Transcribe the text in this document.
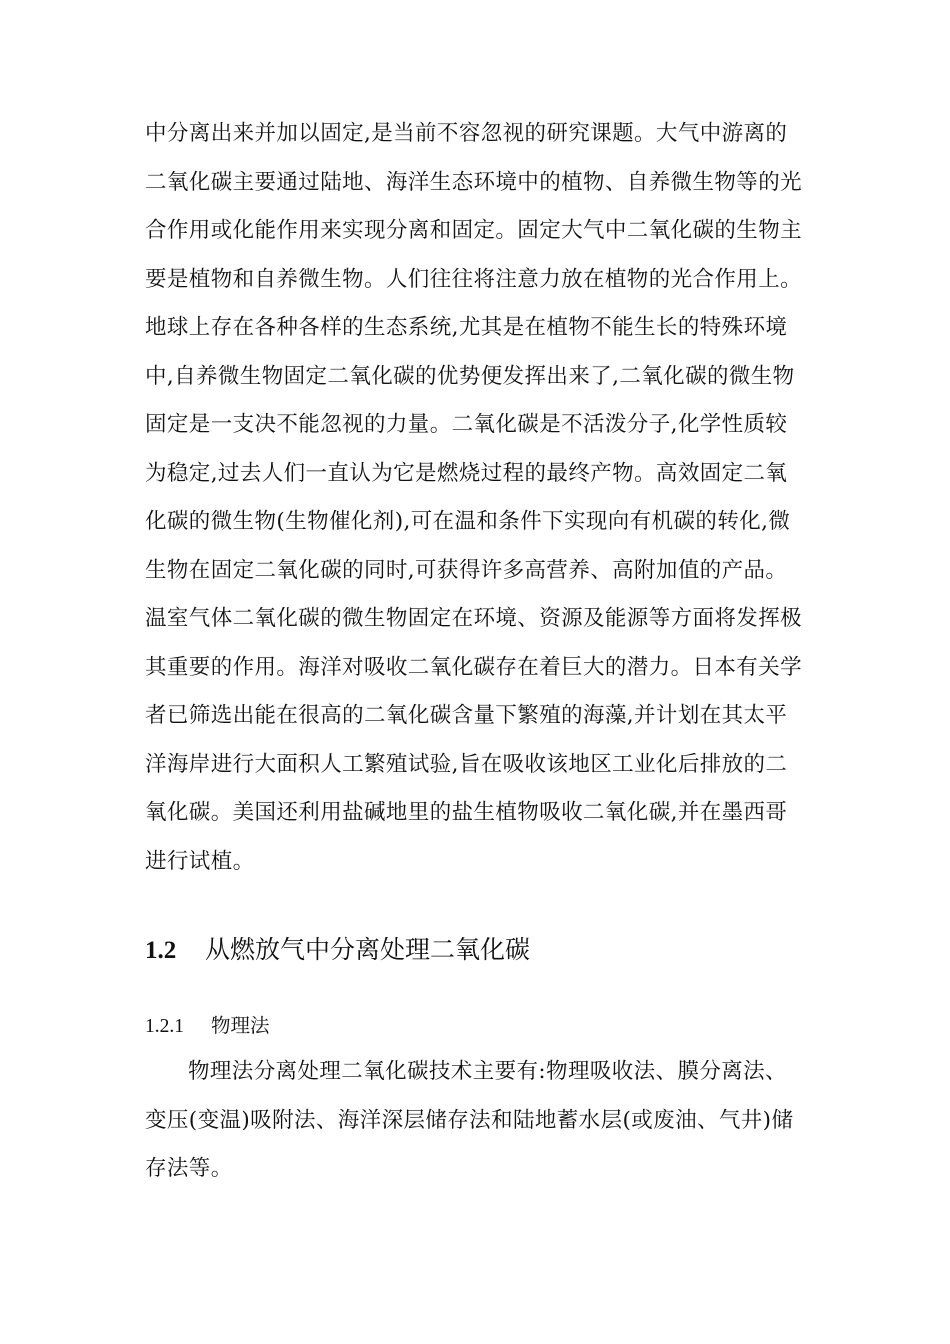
中分离出来并加以固定,是当前不容忽视的研究课题。大气中游离的
二氧化碳主要通过陆地、海洋生态环境中的植物、自养微生物等的光
合作用或化能作用来实现分离和固定。固定大气中二氧化碳的生物主
要是植物和自养微生物。人们往往将注意力放在植物的光合作用上。
地球上存在各种各样的生态系统,尤其是在植物不能生长的特殊环境
中,自养微生物固定二氧化碳的优势便发挥出来了,二氧化碳的微生物
固定是一支决不能忽视的力量。二氧化碳是不活泼分子,化学性质较
为稳定,过去人们一直认为它是燃烧过程的最终产物。高效固定二氧
化碳的微生物(生物催化剂),可在温和条件下实现向有机碳的转化,微
生物在固定二氧化碳的同时,可获得许多高营养、高附加值的产品。
温室气体二氧化碳的微生物固定在环境、资源及能源等方面将发挥极
其重要的作用。海洋对吸收二氧化碳存在着巨大的潜力。日本有关学
者已筛选出能在很高的二氧化碳含量下繁殖的海藻,并计划在其太平
洋海岸进行大面积人工繁殖试验,旨在吸收该地区工业化后排放的二
氧化碳。美国还利用盐碱地里的盐生植物吸收二氧化碳,并在墨西哥
进行试植。
1.2 从燃放气中分离处理二氧化碳
1.2.1 物理法
物理法分离处理二氧化碳技术主要有:物理吸收法、膜分离法、
变压(变温)吸附法、海洋深层储存法和陆地蓄水层(或废油、气井)储
存法等。
